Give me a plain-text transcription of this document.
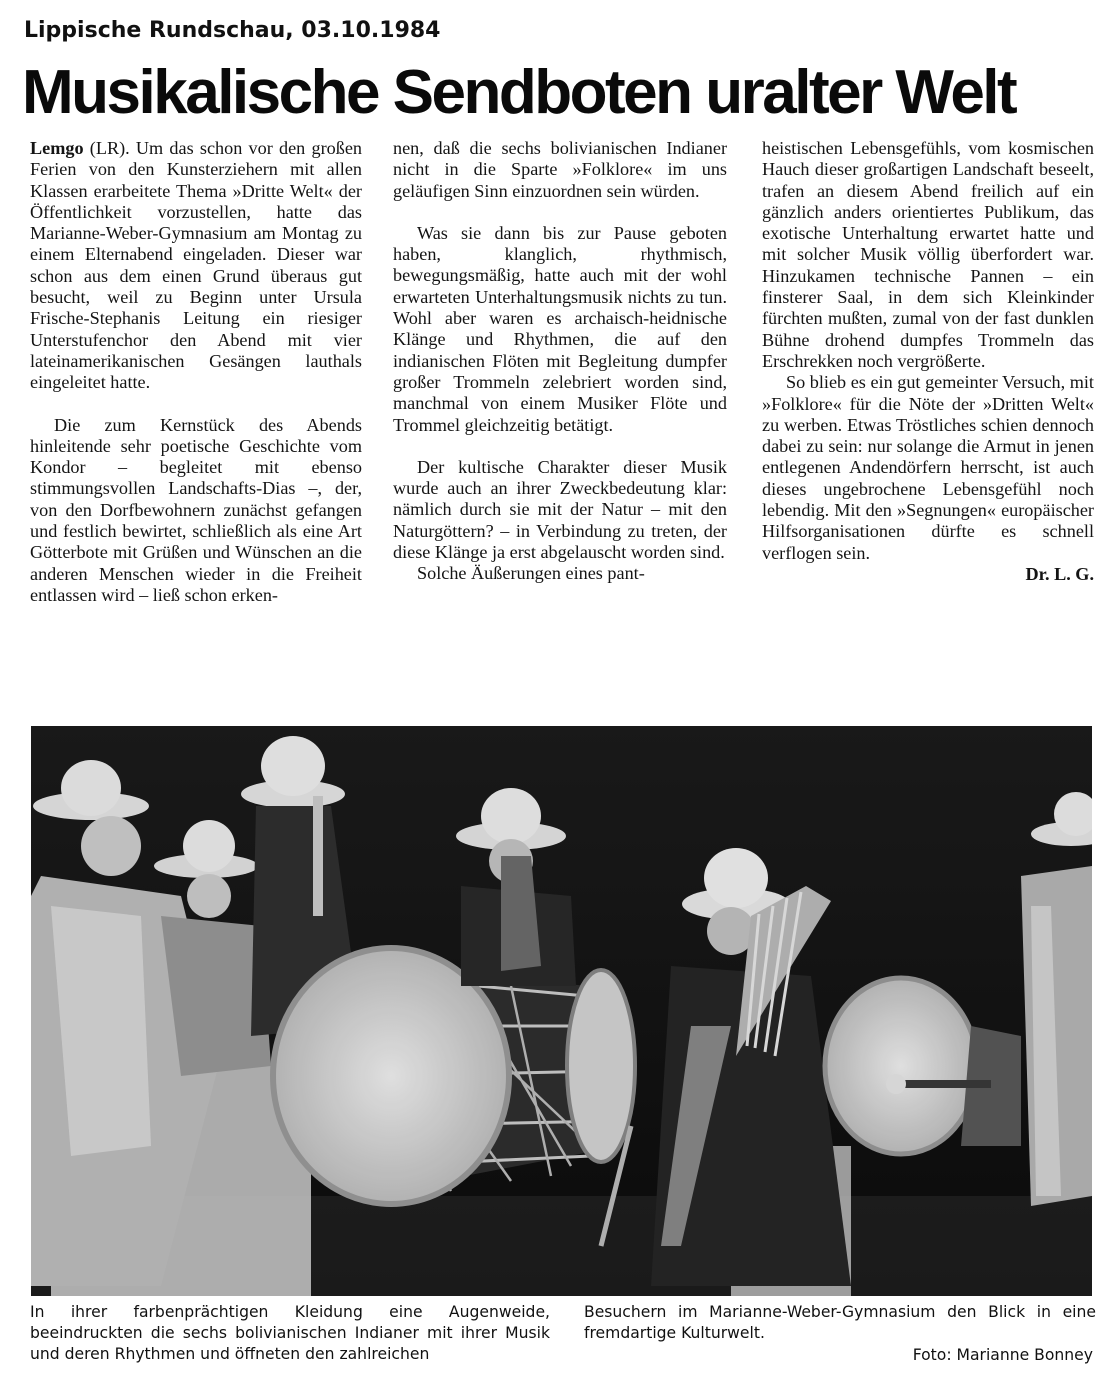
Lippische Rundschau, 03.10.1984
Musikalische Sendboten uralter Welt

Lemgo (LR). Um das schon vor den großen Ferien von den Kunsterziehern mit allen Klassen erarbeitete Thema »Dritte Welt« der Öffentlichkeit vorzustellen, hatte das Marianne-Weber-Gymnasium am Montag zu einem Elternabend eingeladen. Dieser war schon aus dem einen Grund überaus gut besucht, weil zu Beginn unter Ursula Frische-Stephanis Leitung ein riesiger Unterstufenchor den Abend mit vier lateinamerikanischen Gesängen lauthals eingeleitet hatte.

Die zum Kernstück des Abends hinleitende sehr poetische Geschichte vom Kondor – begleitet mit ebenso stimmungsvollen Landschafts-Dias –, der, von den Dorfbewohnern zunächst gefangen und festlich bewirtet, schließlich als eine Art Götterbote mit Grüßen und Wünschen an die anderen Menschen wieder in die Freiheit entlassen wird – ließ schon erken-

nen, daß die sechs bolivianischen Indianer nicht in die Sparte »Folklore« im uns geläufigen Sinn einzuordnen sein würden.

Was sie dann bis zur Pause geboten haben, klanglich, rhythmisch, bewegungsmäßig, hatte auch mit der wohl erwarteten Unterhaltungsmusik nichts zu tun. Wohl aber waren es archaisch-heidnische Klänge und Rhythmen, die auf den indianischen Flöten mit Begleitung dumpfer großer Trommeln zelebriert worden sind, manchmal von einem Musiker Flöte und Trommel gleichzeitig betätigt.

Der kultische Charakter dieser Musik wurde auch an ihrer Zweckbedeutung klar: nämlich durch sie mit der Natur – mit den Naturgöttern? – in Verbindung zu treten, der diese Klänge ja erst abgelauscht worden sind.

Solche Äußerungen eines pant-

heistischen Lebensgefühls, vom kosmischen Hauch dieser großartigen Landschaft beseelt, trafen an diesem Abend freilich auf ein gänzlich anders orientiertes Publikum, das exotische Unterhaltung erwartet hatte und mit solcher Musik völlig überfordert war. Hinzukamen technische Pannen – ein finsterer Saal, in dem sich Kleinkinder fürchten mußten, zumal von der fast dunklen Bühne drohend dumpfes Trommeln das Erschrekken noch vergrößerte.

So blieb es ein gut gemeinter Versuch, mit »Folklore« für die Nöte der »Dritten Welt« zu werben. Etwas Tröstliches schien dennoch dabei zu sein: nur solange die Armut in jenen entlegenen Andendörfern herrscht, ist auch dieses ungebrochene Lebensgefühl noch lebendig. Mit den »Segnungen« europäischer Hilfsorganisationen dürfte es schnell verflogen sein.

Dr. L. G.

In ihrer farbenprächtigen Kleidung eine Augenweide, beeindruckten die sechs bolivianischen Indianer mit ihrer Musik und deren Rhythmen und öffneten den zahlreichen

Besuchern im Marianne-Weber-Gymnasium den Blick in eine fremdartige Kulturwelt.

Foto: Marianne Bonney
